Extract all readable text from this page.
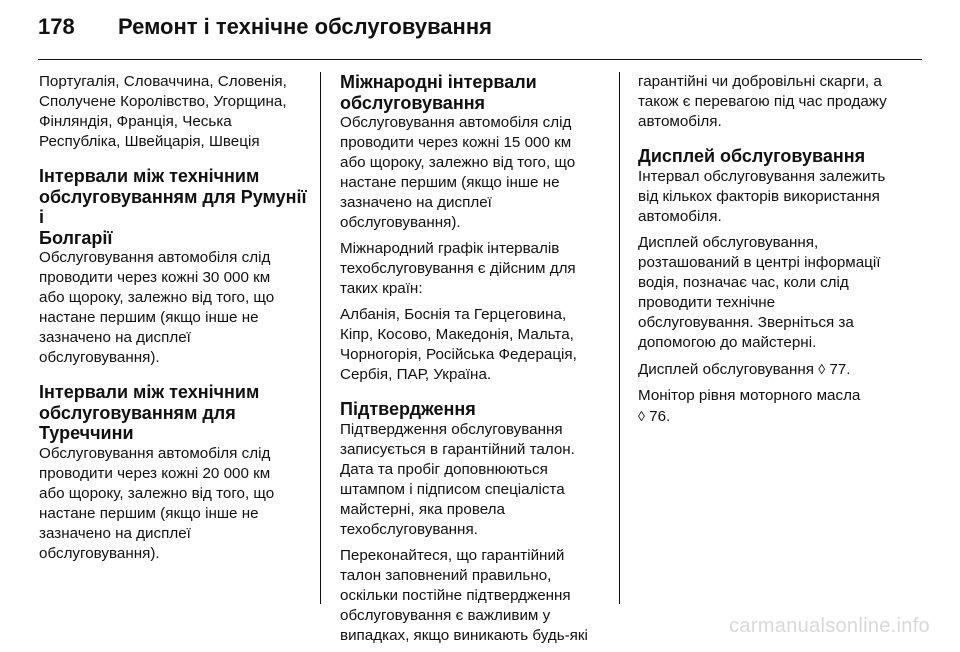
178	Ремонт і технічне обслуговування

Португалія, Словаччина, Словенія,
Сполучене Королівство, Угорщина,
Фінляндія, Франція, Чеська
Республіка, Швейцарія, Швеція

Інтервали між технічним
обслуговуванням для Румунії і
Болгарії

Обслуговування автомобіля слід
проводити через кожні 30 000 км
або щороку, залежно від того, що
настане першим (якщо інше не
зазначено на дисплеї
обслуговування).

Інтервали між технічним
обслуговуванням для
Туреччини

Обслуговування автомобіля слід
проводити через кожні 20 000 км
або щороку, залежно від того, що
настане першим (якщо інше не
зазначено на дисплеї
обслуговування).

Міжнародні інтервали
обслуговування

Обслуговування автомобіля слід
проводити через кожні 15 000 км
або щороку, залежно від того, що
настане першим (якщо інше не
зазначено на дисплеї
обслуговування).

Міжнародний графік інтервалів
техобслуговування є дійсним для
таких країн:

Албанія, Боснія та Герцеговина,
Кіпр, Косово, Македонія, Мальта,
Чорногорія, Російська Федерація,
Сербія, ПАР, Україна.

Підтвердження

Підтвердження обслуговування
записується в гарантійний талон.
Дата та пробіг доповнюються
штампом і підписом спеціаліста
майстерні, яка провела
техобслуговування.

Переконайтеся, що гарантійний
талон заповнений правильно,
оскільки постійне підтвердження
обслуговування є важливим у
випадках, якщо виникають будь-які

гарантійні чи добровільні скарги, а
також є перевагою під час продажу
автомобіля.

Дисплей обслуговування

Інтервал обслуговування залежить
від кількох факторів використання
автомобіля.

Дисплей обслуговування,
розташований в центрі інформації
водія, позначає час, коли слід
проводити технічне
обслуговування. Зверніться за
допомогою до майстерні.

Дисплей обслуговування ◊ 77.

Монітор рівня моторного масла
◊ 76.

carmanualsonline.info
